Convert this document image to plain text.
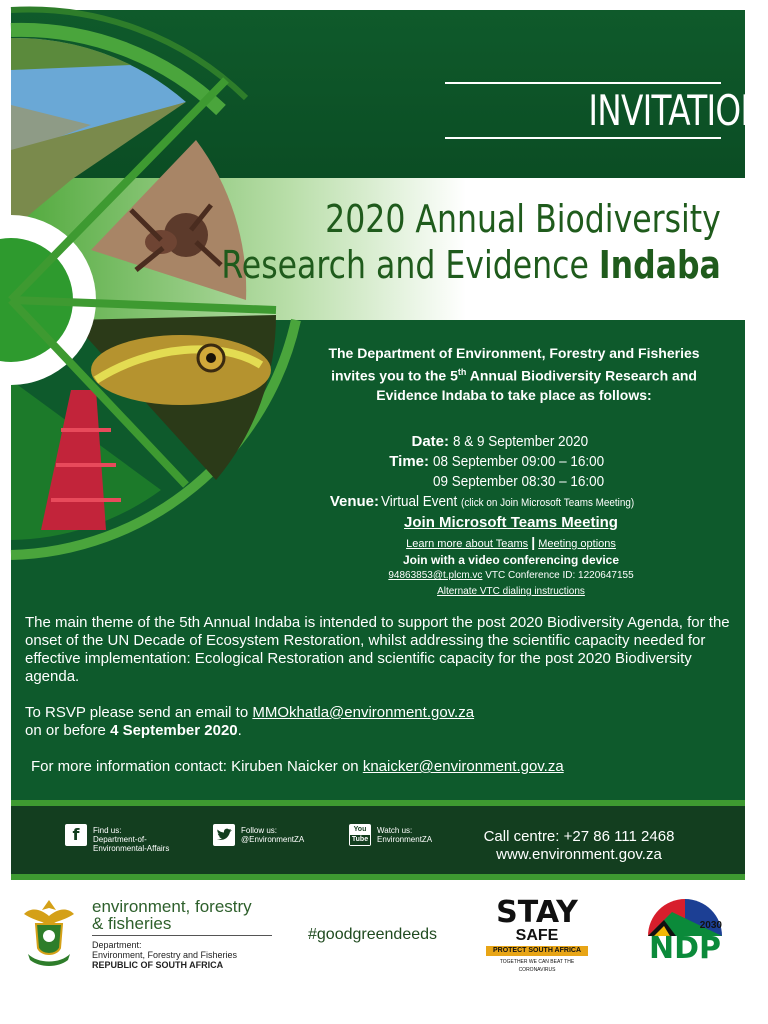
INVITATION
2020 Annual Biodiversity
Research and Evidence Indaba
The Department of Environment, Forestry and Fisheries
invites you to the 5th Annual Biodiversity Research and
Evidence Indaba to take place as follows:
Date: 8 & 9 September 2020
Time: 08 September 09:00 – 16:00
09 September 08:30 – 16:00
Venue: Virtual Event (click on Join Microsoft Teams Meeting)
Join Microsoft Teams Meeting
Learn more about Teams | Meeting options
Join with a video conferencing device
94863853@t.plcm.vc VTC Conference ID: 1220647155
Alternate VTC dialing instructions
The main theme of the 5th Annual Indaba is intended to support the post 2020 Biodiversity Agenda, for the onset of the UN Decade of Ecosystem Restoration, whilst addressing the scientific capacity needed for effective implementation: Ecological Restoration and scientific capacity for the post 2020 Biodiversity agenda.
To RSVP please send an email to MMOkhatla@environment.gov.za
on or before 4 September 2020.
For more information contact: Kiruben Naicker on knaicker@environment.gov.za
f	Find us:
Department-of-
Environmental-Affairs
Follow us:
@EnvironmentZA
You
Tube
Watch us:
EnvironmentZA	Call centre: +27 86 111 2468
www.environment.gov.za
environment, forestry
& fisheries
Department:
Environment, Forestry and Fisheries
REPUBLIC OF SOUTH AFRICA
#goodgreendeeds
STAY
SAFE
PROTECT SOUTH AFRICA
TOGETHER WE CAN BEAT THE CORONAVIRUS
2030
NDP
